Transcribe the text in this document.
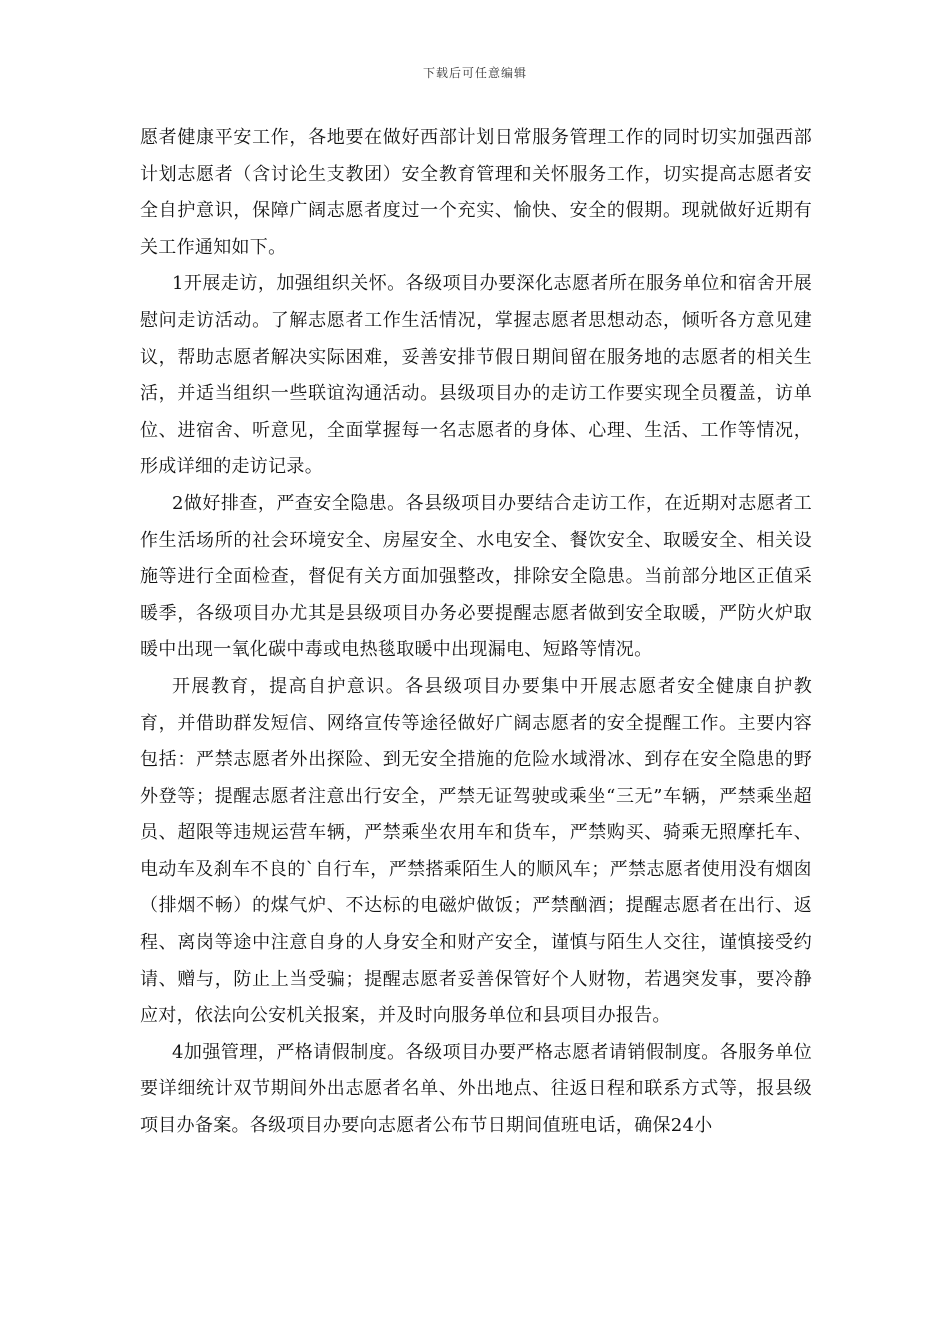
下载后可任意编辑

愿者健康平安工作，各地要在做好西部计划日常服务管理工作的同时切实加强西部计划志愿者（含讨论生支教团）安全教育管理和关怀服务工作，切实提高志愿者安全自护意识，保障广阔志愿者度过一个充实、愉快、安全的假期。现就做好近期有关工作通知如下。

1开展走访，加强组织关怀。各级项目办要深化志愿者所在服务单位和宿舍开展慰问走访活动。了解志愿者工作生活情况，掌握志愿者思想动态，倾听各方意见建议，帮助志愿者解决实际困难，妥善安排节假日期间留在服务地的志愿者的相关生活，并适当组织一些联谊沟通活动。县级项目办的走访工作要实现全员覆盖，访单位、进宿舍、听意见，全面掌握每一名志愿者的身体、心理、生活、工作等情况，形成详细的走访记录。

2做好排查，严查安全隐患。各县级项目办要结合走访工作，在近期对志愿者工作生活场所的社会环境安全、房屋安全、水电安全、餐饮安全、取暖安全、相关设施等进行全面检查，督促有关方面加强整改，排除安全隐患。当前部分地区正值采暖季，各级项目办尤其是县级项目办务必要提醒志愿者做到安全取暖，严防火炉取暖中出现一氧化碳中毒或电热毯取暖中出现漏电、短路等情况。

开展教育，提高自护意识。各县级项目办要集中开展志愿者安全健康自护教育，并借助群发短信、网络宣传等途径做好广阔志愿者的安全提醒工作。主要内容包括：严禁志愿者外出探险、到无安全措施的危险水域滑冰、到存在安全隐患的野外登等；提醒志愿者注意出行安全，严禁无证驾驶或乘坐“三无”车辆，严禁乘坐超员、超限等违规运营车辆，严禁乘坐农用车和货车，严禁购买、骑乘无照摩托车、电动车及刹车不良的`自行车，严禁搭乘陌生人的顺风车；严禁志愿者使用没有烟囱（排烟不畅）的煤气炉、不达标的电磁炉做饭；严禁酗酒；提醒志愿者在出行、返程、离岗等途中注意自身的人身安全和财产安全，谨慎与陌生人交往，谨慎接受约请、赠与，防止上当受骗；提醒志愿者妥善保管好个人财物，若遇突发事，要冷静应对，依法向公安机关报案，并及时向服务单位和县项目办报告。

4加强管理，严格请假制度。各级项目办要严格志愿者请销假制度。各服务单位要详细统计双节期间外出志愿者名单、外出地点、往返日程和联系方式等，报县级项目办备案。各级项目办要向志愿者公布节日期间值班电话，确保24小
